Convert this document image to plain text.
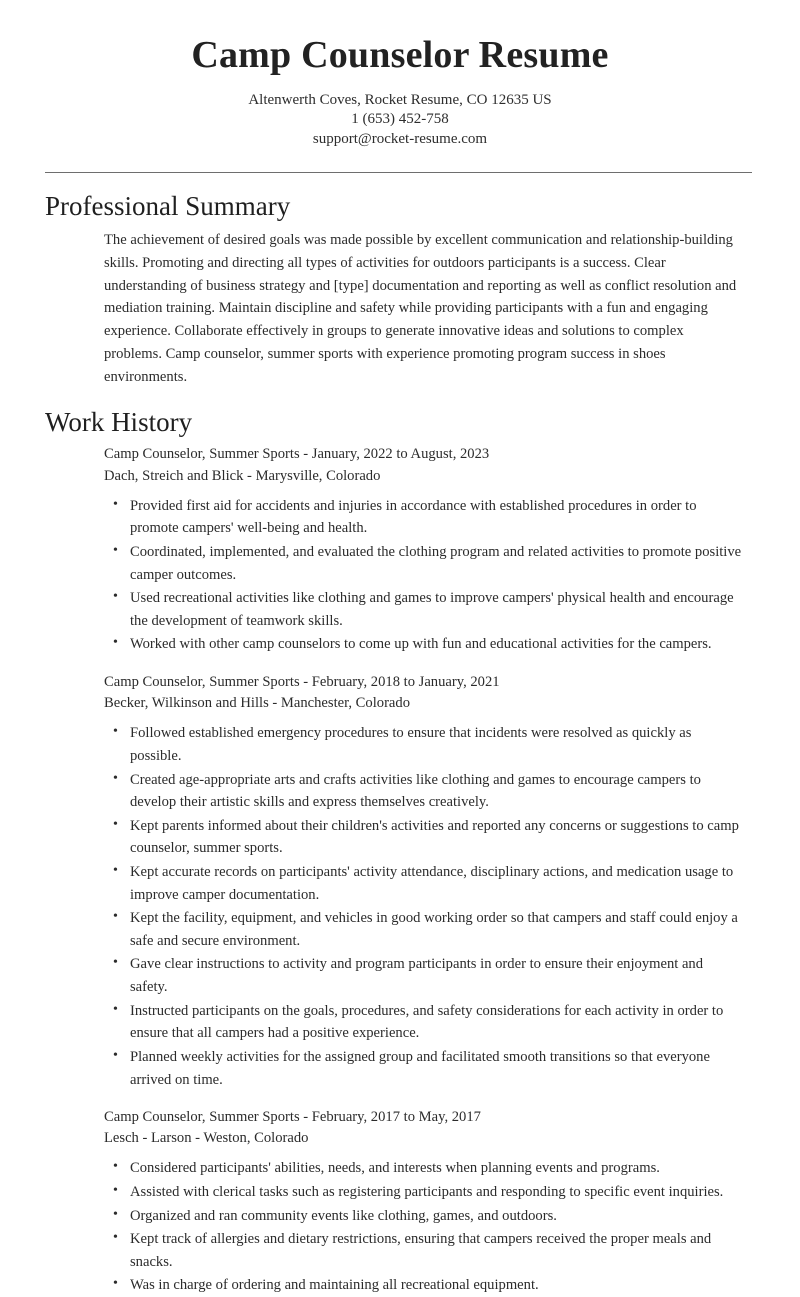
Camp Counselor Resume

Altenwerth Coves, Rocket Resume, CO 12635 US

1 (653) 452-758

support@rocket-resume.com

Professional Summary

The achievement of desired goals was made possible by excellent communication and relationship-building skills. Promoting and directing all types of activities for outdoors participants is a success. Clear understanding of business strategy and [type] documentation and reporting as well as conflict resolution and mediation training. Maintain discipline and safety while providing participants with a fun and engaging experience. Collaborate effectively in groups to generate innovative ideas and solutions to complex problems. Camp counselor, summer sports with experience promoting program success in shoes environments.

Work History

Camp Counselor, Summer Sports - January, 2022 to August, 2023

Dach, Streich and Blick - Marysville, Colorado

• Provided first aid for accidents and injuries in accordance with established procedures in order to promote campers' well-being and health.
• Coordinated, implemented, and evaluated the clothing program and related activities to promote positive camper outcomes.
• Used recreational activities like clothing and games to improve campers' physical health and encourage the development of teamwork skills.
• Worked with other camp counselors to come up with fun and educational activities for the campers.

Camp Counselor, Summer Sports - February, 2018 to January, 2021

Becker, Wilkinson and Hills - Manchester, Colorado

• Followed established emergency procedures to ensure that incidents were resolved as quickly as possible.
• Created age-appropriate arts and crafts activities like clothing and games to encourage campers to develop their artistic skills and express themselves creatively.
• Kept parents informed about their children's activities and reported any concerns or suggestions to camp counselor, summer sports.
• Kept accurate records on participants' activity attendance, disciplinary actions, and medication usage to improve camper documentation.
• Kept the facility, equipment, and vehicles in good working order so that campers and staff could enjoy a safe and secure environment.
• Gave clear instructions to activity and program participants in order to ensure their enjoyment and safety.
• Instructed participants on the goals, procedures, and safety considerations for each activity in order to ensure that all campers had a positive experience.
• Planned weekly activities for the assigned group and facilitated smooth transitions so that everyone arrived on time.

Camp Counselor, Summer Sports - February, 2017 to May, 2017

Lesch - Larson - Weston, Colorado

• Considered participants' abilities, needs, and interests when planning events and programs.
• Assisted with clerical tasks such as registering participants and responding to specific event inquiries.
• Organized and ran community events like clothing, games, and outdoors.
• Kept track of allergies and dietary restrictions, ensuring that campers received the proper meals and snacks.
• Was in charge of ordering and maintaining all recreational equipment.
